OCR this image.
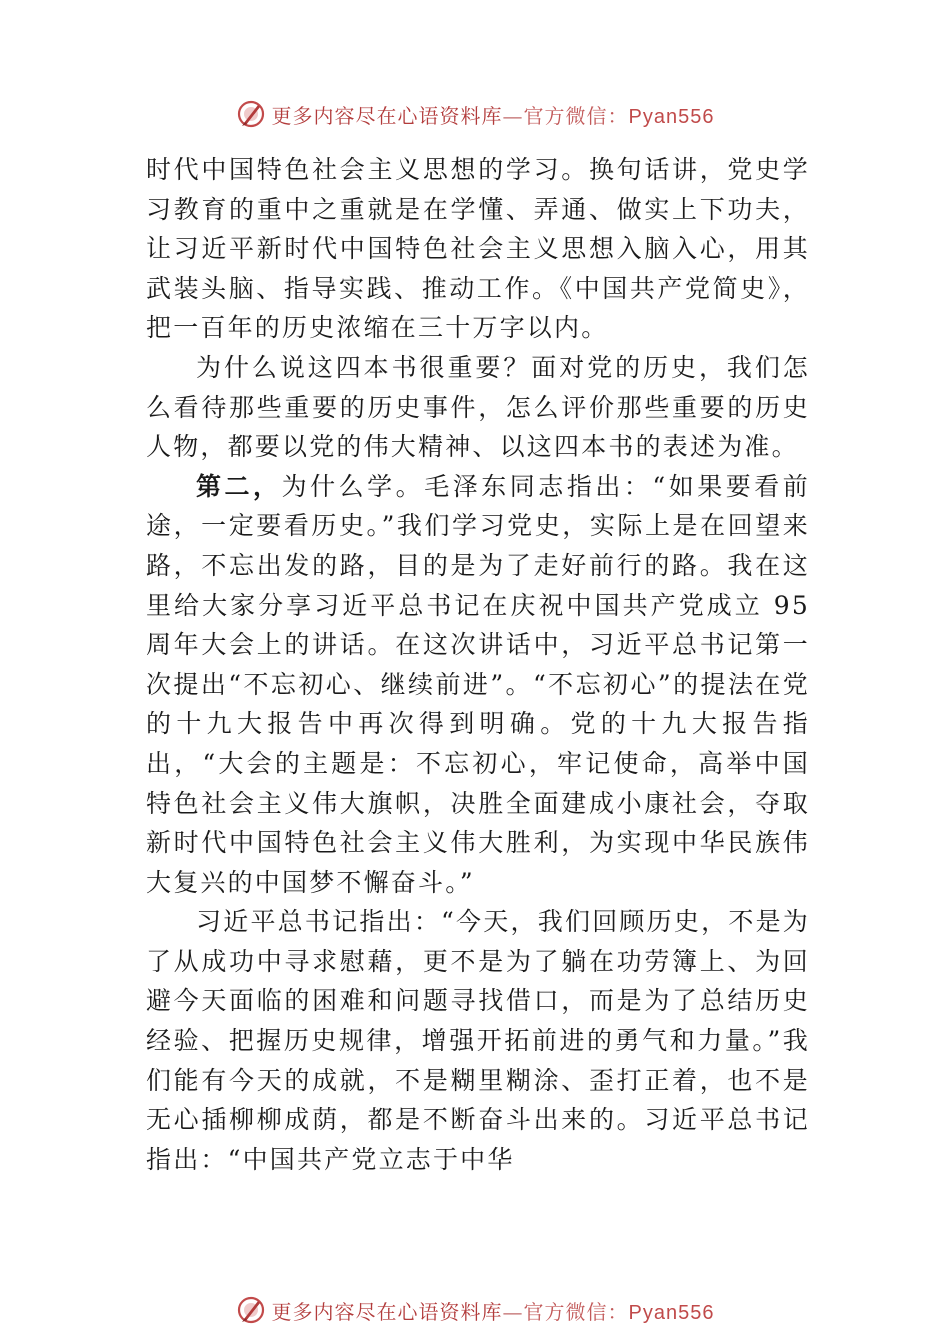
更多内容尽在心语资料库—官方微信：Pyan556

时代中国特色社会主义思想的学习。换句话讲，党史学习教育的重中之重就是在学懂、弄通、做实上下功夫，让习近平新时代中国特色社会主义思想入脑入心，用其武装头脑、指导实践、推动工作。《中国共产党简史》，把一百年的历史浓缩在三十万字以内。

为什么说这四本书很重要？面对党的历史，我们怎么看待那些重要的历史事件，怎么评价那些重要的历史人物，都要以党的伟大精神、以这四本书的表述为准。

第二，为什么学。毛泽东同志指出：“如果要看前途，一定要看历史。”我们学习党史，实际上是在回望来路，不忘出发的路，目的是为了走好前行的路。我在这里给大家分享习近平总书记在庆祝中国共产党成立 95 周年大会上的讲话。在这次讲话中，习近平总书记第一次提出“不忘初心、继续前进”。“不忘初心”的提法在党的十九大报告中再次得到明确。党的十九大报告指出，“大会的主题是：不忘初心，牢记使命，高举中国特色社会主义伟大旗帜，决胜全面建成小康社会，夺取新时代中国特色社会主义伟大胜利，为实现中华民族伟大复兴的中国梦不懈奋斗。”

习近平总书记指出：“今天，我们回顾历史，不是为了从成功中寻求慰藉，更不是为了躺在功劳簿上、为回避今天面临的困难和问题寻找借口，而是为了总结历史经验、把握历史规律，增强开拓前进的勇气和力量。”我们能有今天的成就，不是糊里糊涂、歪打正着，也不是无心插柳柳成荫，都是不断奋斗出来的。习近平总书记指出：“中国共产党立志于中华

更多内容尽在心语资料库—官方微信：Pyan556
